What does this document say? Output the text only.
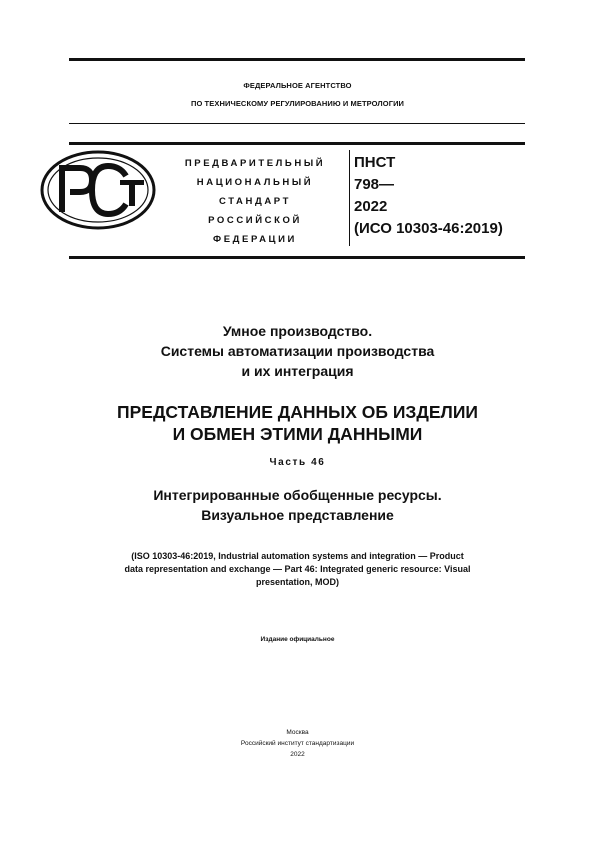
ФЕДЕРАЛЬНОЕ АГЕНТСТВО
ПО ТЕХНИЧЕСКОМУ РЕГУЛИРОВАНИЮ И МЕТРОЛОГИИ
ПРЕДВАРИТЕЛЬНЫЙ
НАЦИОНАЛЬНЫЙ
СТАНДАРТ
РОССИЙСКОЙ
ФЕДЕРАЦИИ
ПНСТ
798—
2022
(ИСО 10303-46:2019)
Умное производство.
Системы автоматизации производства
и их интеграция
ПРЕДСТАВЛЕНИЕ ДАННЫХ ОБ ИЗДЕЛИИ
И ОБМЕН ЭТИМИ ДАННЫМИ
Часть 46
Интегрированные обобщенные ресурсы.
Визуальное представление
(ISO 10303-46:2019, Industrial automation systems and integration — Product
data representation and exchange — Part 46: Integrated generic resource: Visual
presentation, MOD)
Издание официальное
Москва
Российский институт стандартизации
2022
